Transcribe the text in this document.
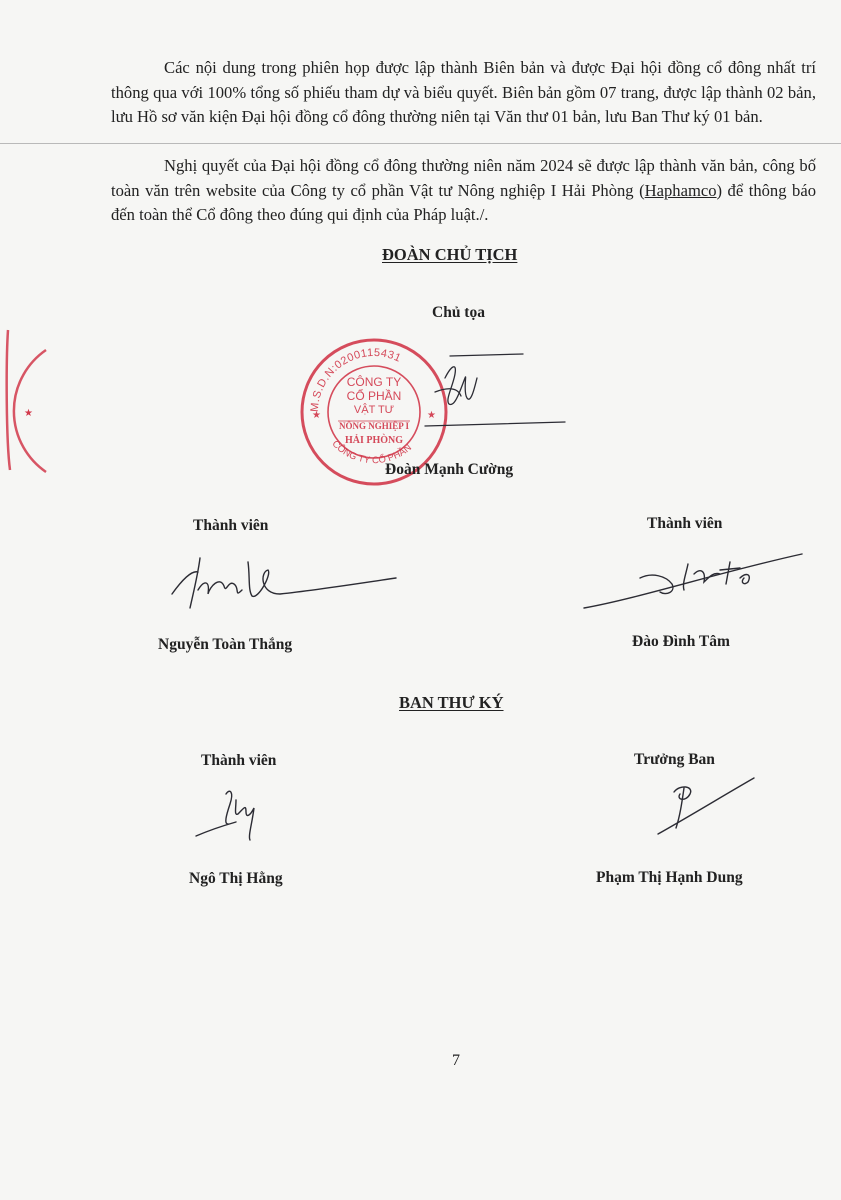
Các nội dung trong phiên họp được lập thành Biên bản và được Đại hội đồng cổ đông nhất trí thông qua với 100% tổng số phiếu tham dự và biểu quyết. Biên bản gồm 07 trang, được lập thành 02 bản, lưu Hồ sơ văn kiện Đại hội đồng cổ đông thường niên tại Văn thư 01 bản, lưu Ban Thư ký 01 bản.

Nghị quyết của Đại hội đồng cổ đông thường niên năm 2024 sẽ được lập thành văn bản, công bố toàn văn trên website của Công ty cổ phần Vật tư Nông nghiệp I Hải Phòng (Haphamco) để thông báo đến toàn thể Cổ đông theo đúng qui định của Pháp luật./.

ĐOÀN CHỦ TỊCH
Chủ tọa
M.S.D.N:0200115431
CÔNG TY CỔ PHẦN
CÔNG TY
CỔ PHẦN
VẬT TƯ
NÔNG NGHIỆP I
HẢI PHÒNG
★	★
Đoàn Mạnh Cường
Thành viên	Thành viên
Nguyễn Toàn Thắng	Đào Đình Tâm
BAN THƯ KÝ
Thành viên	Trưởng Ban
Ngô Thị Hằng	Phạm Thị Hạnh Dung
7
★
